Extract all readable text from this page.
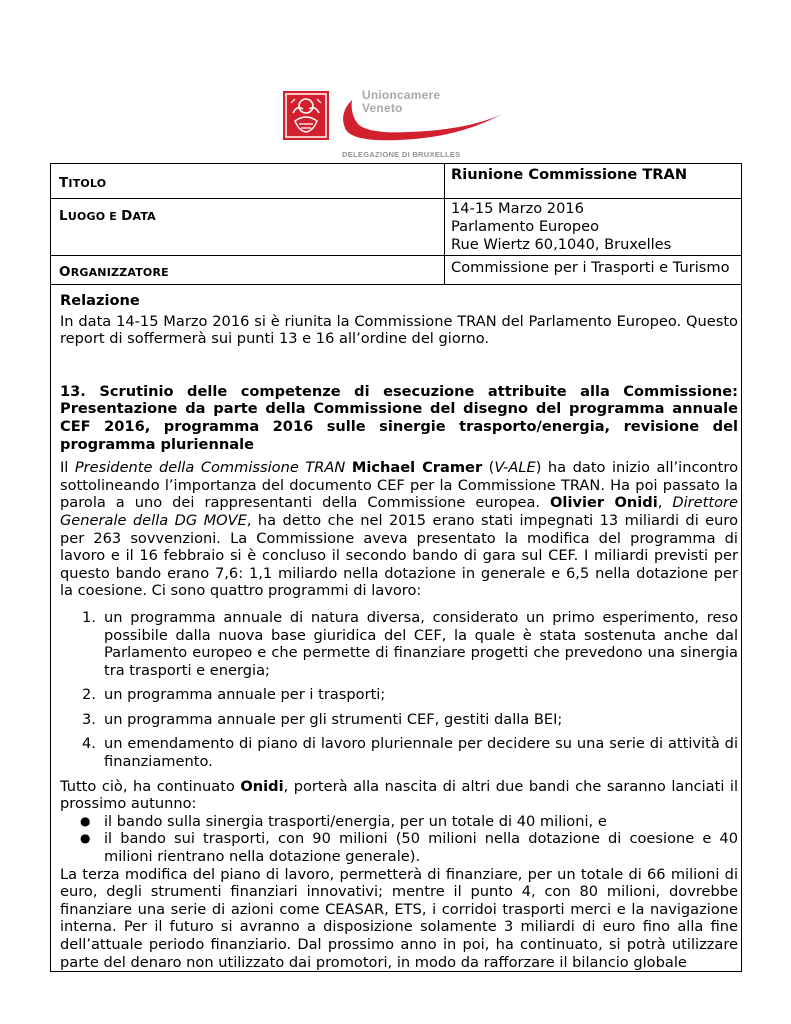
Unioncamere
Veneto
DELEGAZIONE DI BRUXELLES
TITOLO
Riunione Commissione TRAN
LUOGO E DATA	14-15 Marzo 2016
Parlamento Europeo
Rue Wiertz 60,1040, Bruxelles
ORGANIZZATORE	Commissione per i Trasporti e Turismo

Relazione

In data 14-15 Marzo 2016 si è riunita la Commissione TRAN del Parlamento Europeo. Questo report di soffermerà sui punti 13 e 16 all’ordine del giorno.

13. Scrutinio delle competenze di esecuzione attribuite alla Commissione: Presentazione da parte della Commissione del disegno del programma annuale CEF 2016, programma 2016 sulle sinergie trasporto/energia, revisione del programma pluriennale

Il Presidente della Commissione TRAN Michael Cramer (V-ALE) ha dato inizio all’incontro sottolineando l’importanza del documento CEF per la Commissione TRAN. Ha poi passato la parola a uno dei rappresentanti della Commissione europea. Olivier Onidi, Direttore Generale della DG MOVE, ha detto che nel 2015 erano stati impegnati 13 miliardi di euro per 263 sovvenzioni. La Commissione aveva presentato la modifica del programma di lavoro e il 16 febbraio si è concluso il secondo bando di gara sul CEF. I miliardi previsti per questo bando erano 7,6: 1,1 miliardo nella dotazione in generale e 6,5 nella dotazione per la coesione. Ci sono quattro programmi di lavoro:

1. un programma annuale di natura diversa, considerato un primo esperimento, reso possibile dalla nuova base giuridica del CEF, la quale è stata sostenuta anche dal Parlamento europeo e che permette di finanziare progetti che prevedono una sinergia tra trasporti e energia;
2. un programma annuale per i trasporti;
3. un programma annuale per gli strumenti CEF, gestiti dalla BEI;
4. un emendamento di piano di lavoro pluriennale per decidere su una serie di attività di finanziamento.

Tutto ciò, ha continuato Onidi, porterà alla nascita di altri due bandi che saranno lanciati il prossimo autunno:

● il bando sulla sinergia trasporti/energia, per un totale di 40 milioni, e
● il bando sui trasporti, con 90 milioni (50 milioni nella dotazione di coesione e 40 milioni rientrano nella dotazione generale).

La terza modifica del piano di lavoro, permetterà di finanziare, per un totale di 66 milioni di euro, degli strumenti finanziari innovativi; mentre il punto 4, con 80 milioni, dovrebbe finanziare una serie di azioni come CEASAR, ETS, i corridoi trasporti merci e la navigazione interna. Per il futuro si avranno a disposizione solamente 3 miliardi di euro fino alla fine dell’attuale periodo finanziario. Dal prossimo anno in poi, ha continuato, si potrà utilizzare parte del denaro non utilizzato dai promotori, in modo da rafforzare il bilancio globale
